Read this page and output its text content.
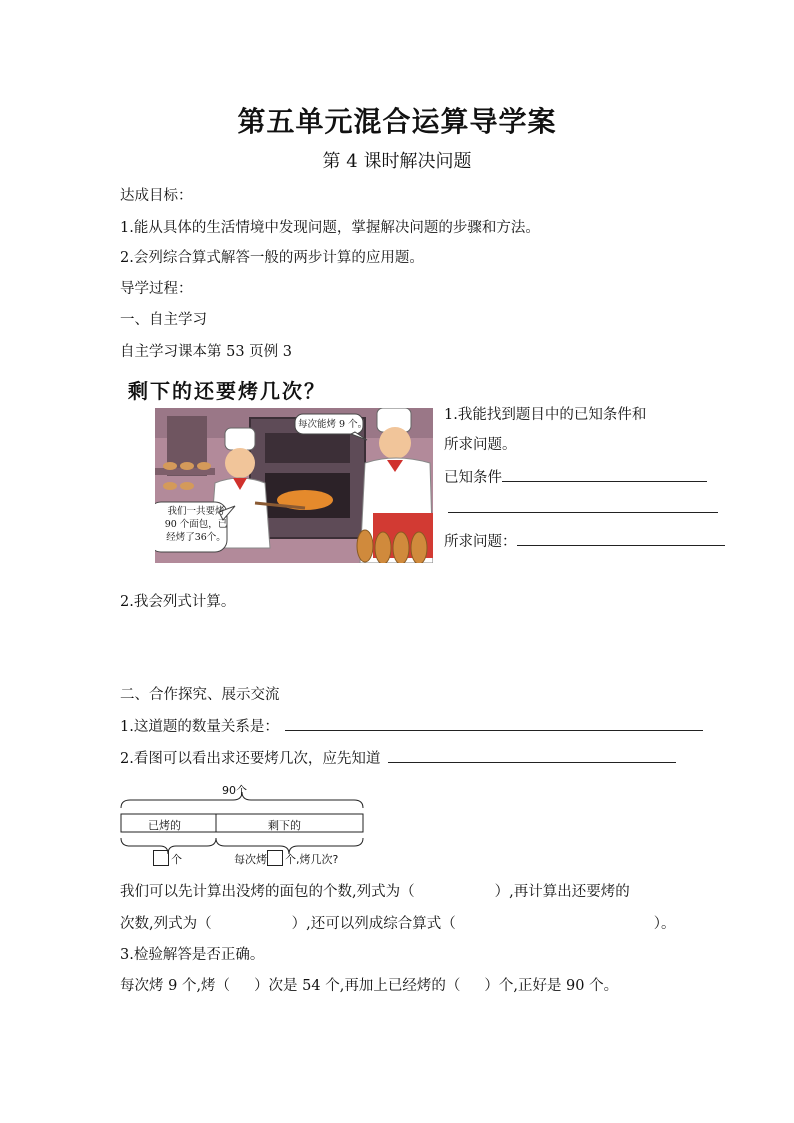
第五单元混合运算导学案
第 4 课时解决问题
达成目标：
1.能从具体的生活情境中发现问题，掌握解决问题的步骤和方法。
2.会列综合算式解答一般的两步计算的应用题。
导学过程：
一、自主学习
自主学习课本第 53 页例 3
剩下的还要烤几次？
每次能烤 9 个。
我们一共要烤
90 个面包，已
经烤了36个。
1.我能找到题目中的已知条件和
所求问题。
已知条件
所求问题：
2.我会列式计算。
二、合作探究、展示交流
1.这道题的数量关系是：
2.看图可以看出求还要烤几次，应先知道
90个
已烤的	剩下的
个	每次烤 个,烤几次?
我们可以先计算出没烤的面包的个数,列式为（	）,再计算出还要烤的
次数,列式为（	）,还可以列成综合算式（	）。
3.检验解答是否正确。
每次烤 9 个,烤（ ）次是 54 个,再加上已经烤的（ ）个,正好是 90 个。
